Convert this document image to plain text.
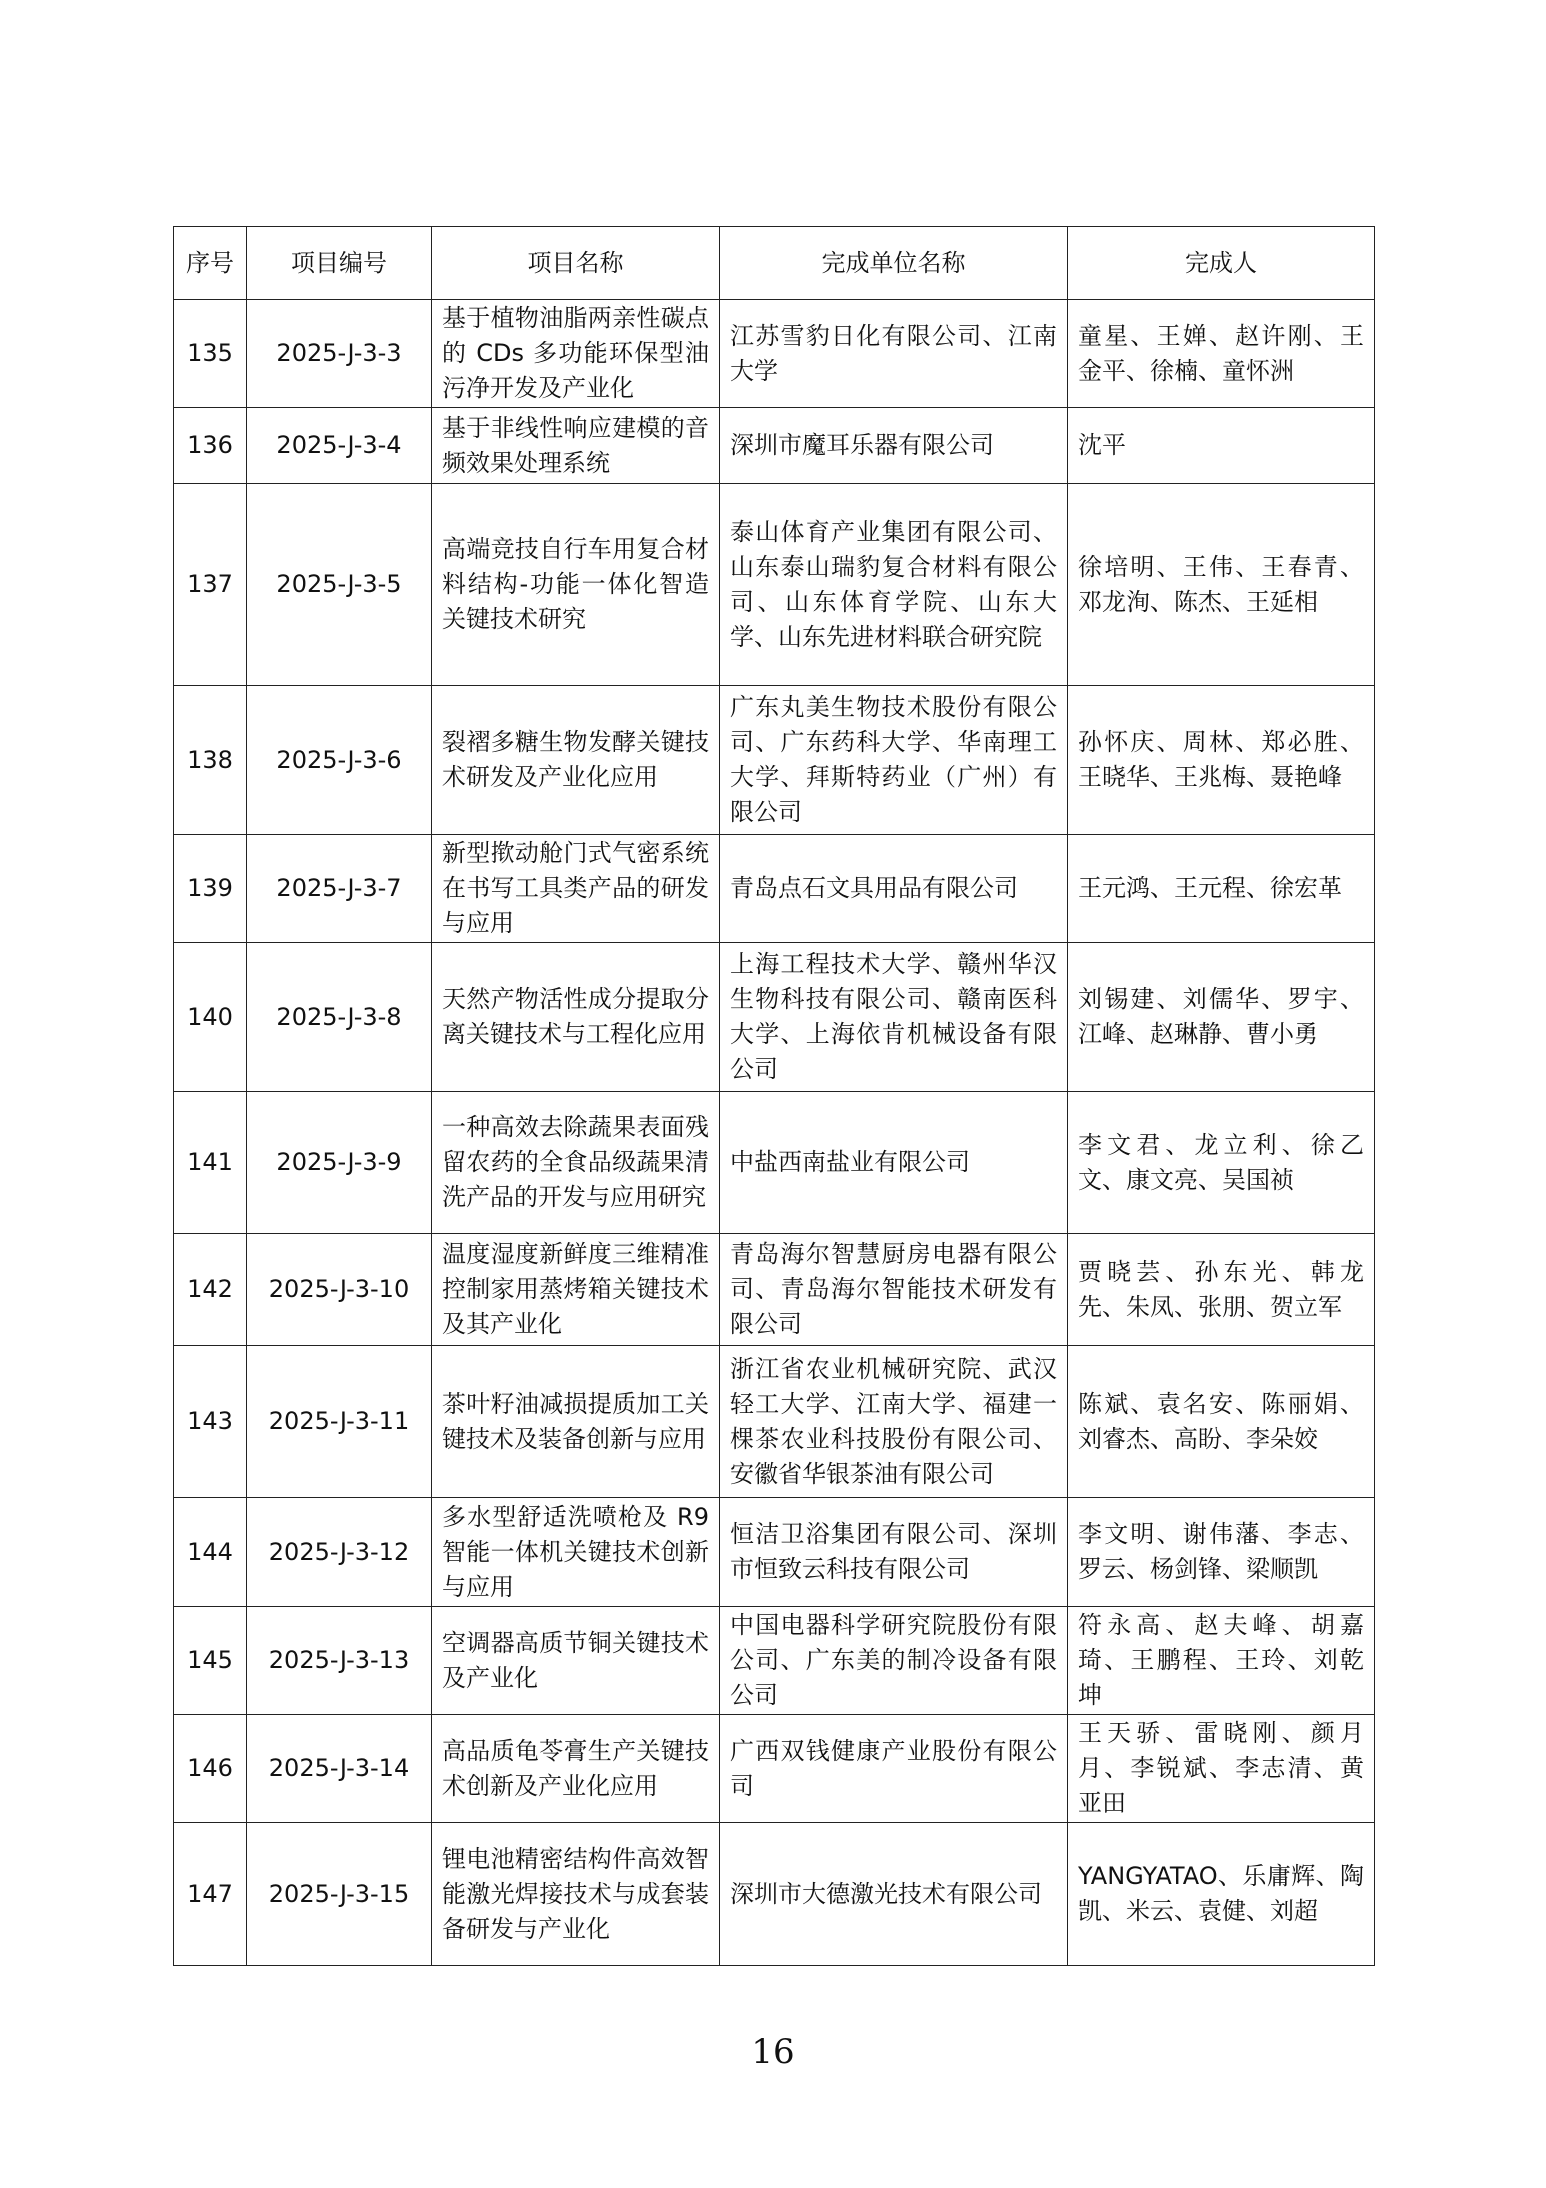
序号	项目编号	项目名称	完成单位名称	完成人
135	2025-J-3-3	基于植物油脂两亲性碳点的 CDs 多功能环保型油污净开发及产业化	江苏雪豹日化有限公司、江南大学	童星、王婵、赵许刚、王金平、徐楠、童怀洲
136	2025-J-3-4	基于非线性响应建模的音频效果处理系统	深圳市魔耳乐器有限公司	沈平
137	2025-J-3-5	高端竞技自行车用复合材料结构-功能一体化智造关键技术研究	泰山体育产业集团有限公司、山东泰山瑞豹复合材料有限公司、山东体育学院、山东大学、山东先进材料联合研究院	徐培明、王伟、王春青、邓龙洵、陈杰、王延相
138	2025-J-3-6	裂褶多糖生物发酵关键技术研发及产业化应用	广东丸美生物技术股份有限公司、广东药科大学、华南理工大学、拜斯特药业（广州）有限公司	孙怀庆、周林、郑必胜、王晓华、王兆梅、聂艳峰
139	2025-J-3-7	新型揿动舱门式气密系统在书写工具类产品的研发与应用	青岛点石文具用品有限公司	王元鸿、王元程、徐宏革
140	2025-J-3-8	天然产物活性成分提取分离关键技术与工程化应用	上海工程技术大学、赣州华汉生物科技有限公司、赣南医科大学、上海依肯机械设备有限公司	刘锡建、刘儒华、罗宇、江峰、赵琳静、曹小勇
141	2025-J-3-9	一种高效去除蔬果表面残留农药的全食品级蔬果清洗产品的开发与应用研究	中盐西南盐业有限公司	李文君、龙立利、徐乙文、康文亮、吴国祯
142	2025-J-3-10	温度湿度新鲜度三维精准控制家用蒸烤箱关键技术及其产业化	青岛海尔智慧厨房电器有限公司、青岛海尔智能技术研发有限公司	贾晓芸、孙东光、韩龙先、朱凤、张朋、贺立军
143	2025-J-3-11	茶叶籽油减损提质加工关键技术及装备创新与应用	浙江省农业机械研究院、武汉轻工大学、江南大学、福建一棵茶农业科技股份有限公司、安徽省华银茶油有限公司	陈斌、袁名安、陈丽娟、刘睿杰、高盼、李朵姣
144	2025-J-3-12	多水型舒适洗喷枪及 R9 智能一体机关键技术创新与应用	恒洁卫浴集团有限公司、深圳市恒致云科技有限公司	李文明、谢伟藩、李志、罗云、杨剑锋、梁顺凯
145	2025-J-3-13	空调器高质节铜关键技术及产业化	中国电器科学研究院股份有限公司、广东美的制冷设备有限公司	符永高、赵夫峰、胡嘉琦、王鹏程、王玲、刘乾坤
146	2025-J-3-14	高品质龟苓膏生产关键技术创新及产业化应用	广西双钱健康产业股份有限公司	王天骄、雷晓刚、颜月月、李锐斌、李志清、黄亚田
147	2025-J-3-15	锂电池精密结构件高效智能激光焊接技术与成套装备研发与产业化	深圳市大德激光技术有限公司	YANGYATAO、乐庸辉、陶凯、米云、袁健、刘超
16
